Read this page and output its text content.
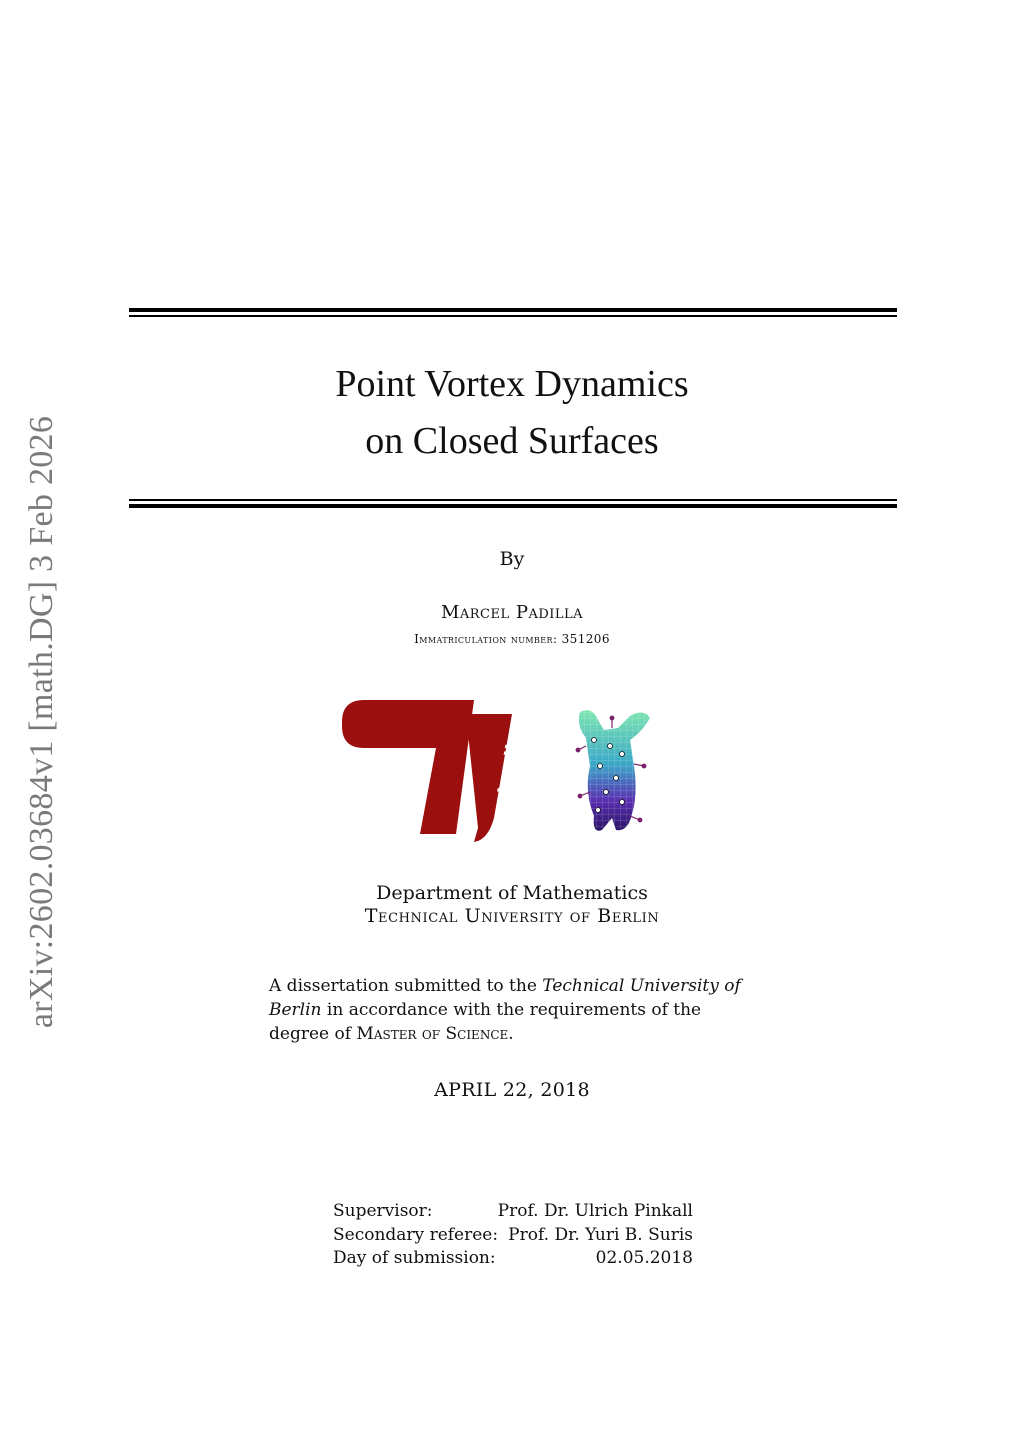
arXiv:2602.03684v1 [math.DG] 3 Feb 2026
Point Vortex Dynamics
on Closed Surfaces
By
Marcel Padilla
Immatriculation number: 351206
berlin
Department of Mathematics
Technical University of Berlin
A dissertation submitted to the Technical University of Berlin in accordance with the requirements of the degree of Master of Science.
APRIL 22, 2018
Supervisor:	Prof. Dr. Ulrich Pinkall
Secondary referee: Prof. Dr. Yuri B. Suris
Day of submission:	02.05.2018
